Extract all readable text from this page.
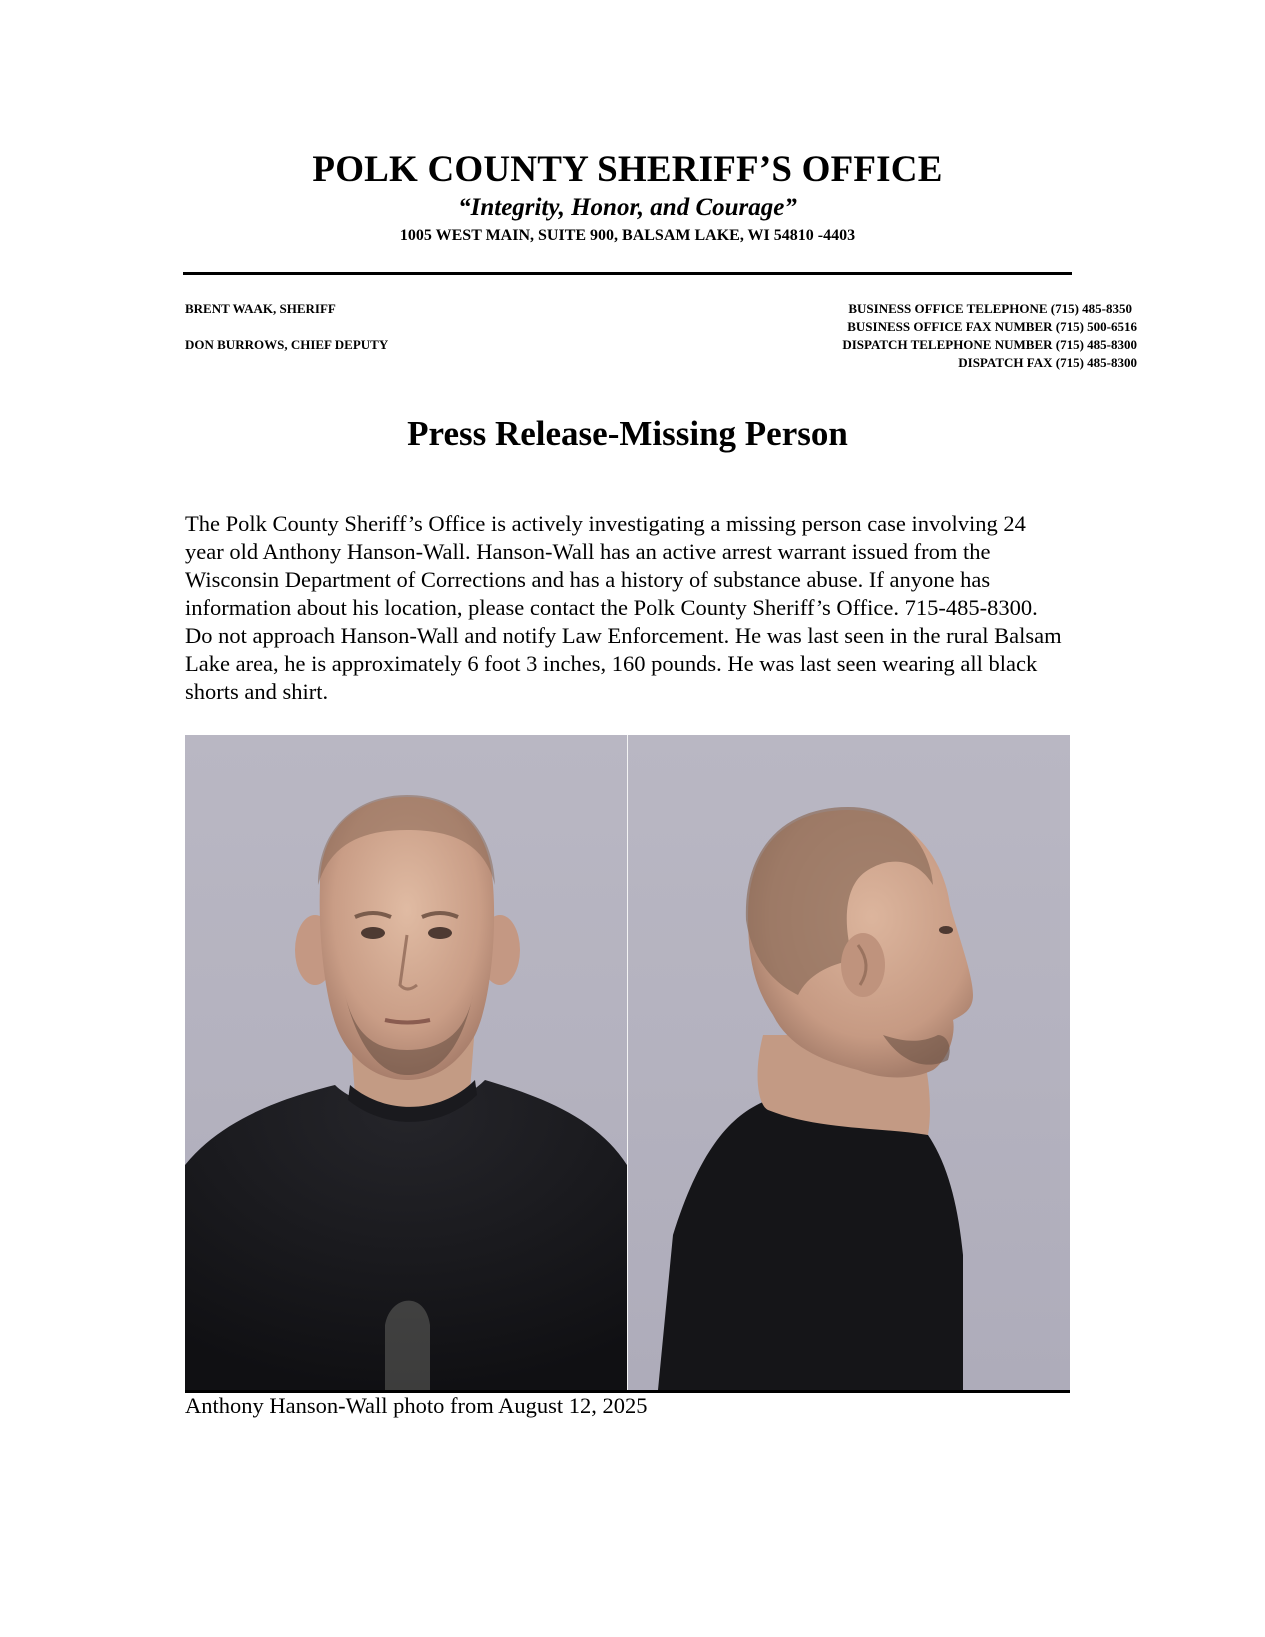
POLK COUNTY SHERIFF’S OFFICE
“Integrity, Honor, and Courage”
1005 WEST MAIN, SUITE 900, BALSAM LAKE, WI 54810 -4403
BRENT WAAK, SHERIFF
DON BURROWS, CHIEF DEPUTY
BUSINESS OFFICE TELEPHONE (715) 485-8350
BUSINESS OFFICE FAX NUMBER (715) 500-6516
DISPATCH TELEPHONE NUMBER (715) 485-8300
DISPATCH FAX (715) 485-8300
Press Release-Missing Person
The Polk County Sheriff’s Office is actively investigating a missing person case involving 24 year old Anthony Hanson-Wall. Hanson-Wall has an active arrest warrant issued from the Wisconsin Department of Corrections and has a history of substance abuse. If anyone has information about his location, please contact the Polk County Sheriff’s Office. 715-485-8300. Do not approach Hanson-Wall and notify Law Enforcement. He was last seen in the rural Balsam Lake area, he is approximately 6 foot 3 inches, 160 pounds. He was last seen wearing all black shorts and shirt.
Anthony Hanson-Wall photo from August 12, 2025
